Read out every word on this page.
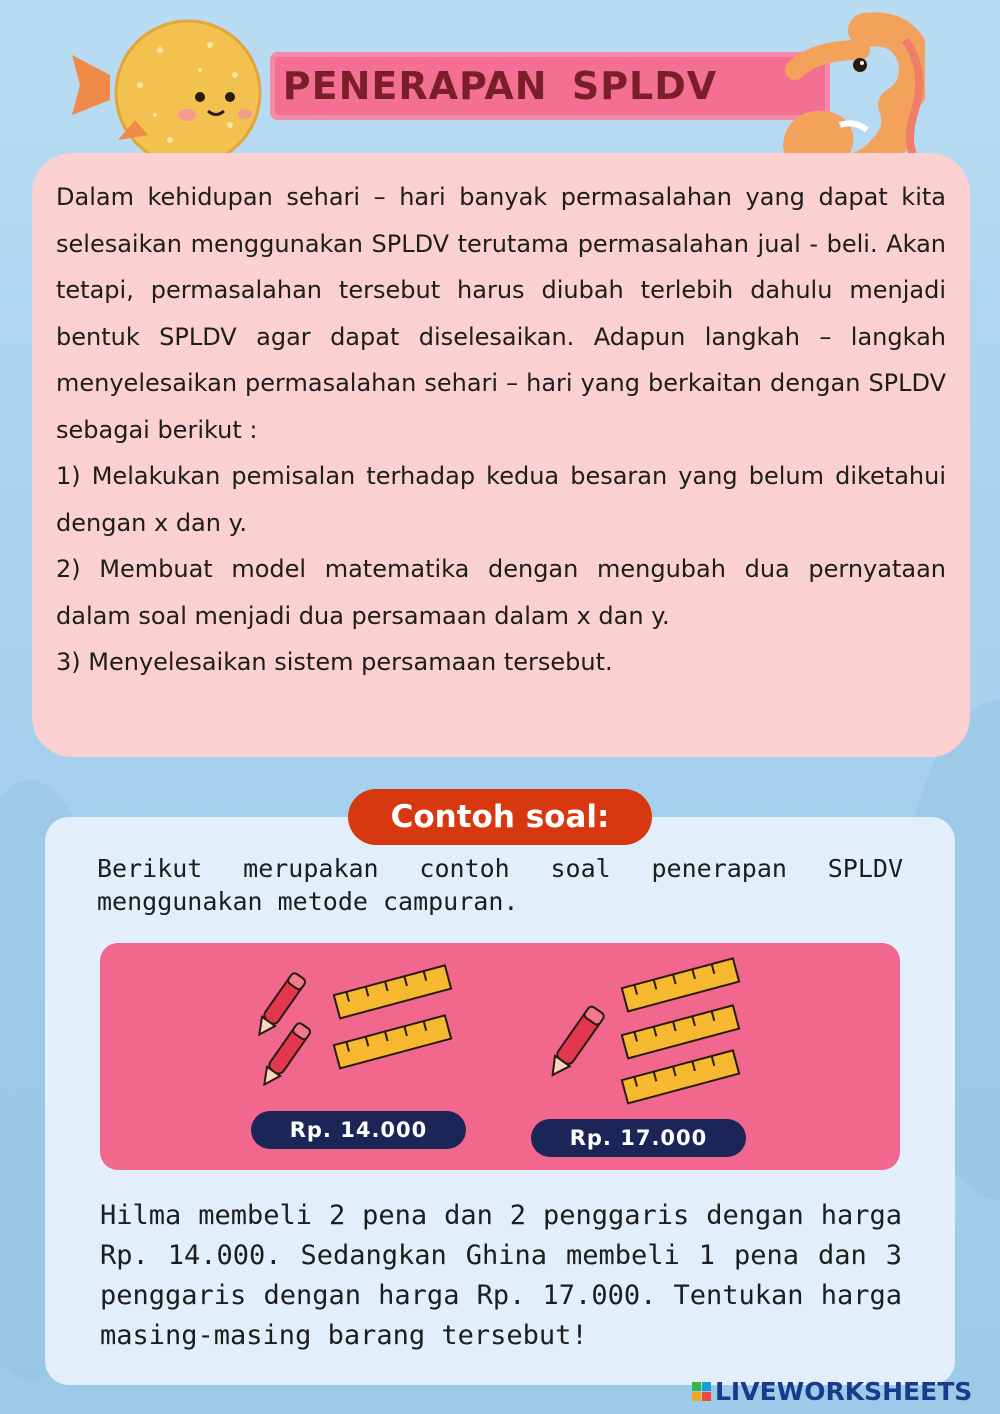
PENERAPAN SPLDV

Dalam kehidupan sehari – hari banyak permasalahan yang dapat kita selesaikan menggunakan SPLDV terutama permasalahan jual - beli. Akan tetapi, permasalahan tersebut harus diubah terlebih dahulu menjadi bentuk SPLDV agar dapat diselesaikan. Adapun langkah – langkah menyelesaikan permasalahan sehari – hari yang berkaitan dengan SPLDV sebagai berikut :

1) Melakukan pemisalan terhadap kedua besaran yang belum diketahui dengan x dan y.

2) Membuat model matematika dengan mengubah dua pernyataan dalam soal menjadi dua persamaan dalam x dan y.

3) Menyelesaikan sistem persamaan tersebut.

Contoh soal:

Berikut merupakan contoh soal penerapan SPLDV menggunakan metode campuran.

Rp. 14.000	Rp. 17.000

Hilma membeli 2 pena dan 2 penggaris dengan harga Rp. 14.000. Sedangkan Ghina membeli 1 pena dan 3 penggaris dengan harga Rp. 17.000. Tentukan harga masing-masing barang tersebut!

LIVEWORKSHEETS
